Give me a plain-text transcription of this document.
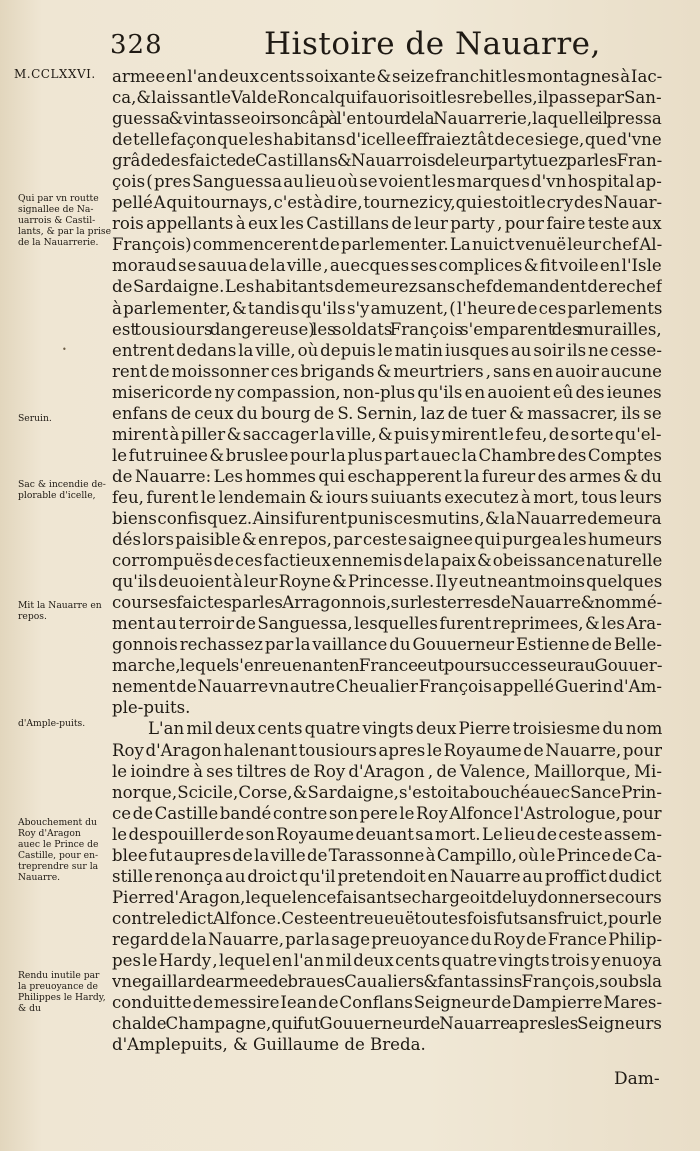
328	Histoire de Nauarre,
M.CCLXXVI.
Qui par vn routte
signallee de Na-
uarrois & Castil-
lants, & par la prise
de la Nauarrerie.
Seruin.
Sac & incendie de-
plorable d'icelle,
Mit la Nauarre en
repos.
d'Ample-puits.
Abouchement du
Roy d'Aragon
auec le Prince de
Castille, pour en-
treprendre sur la
Nauarre.
Rendu inutile par
la preuoyance de
Philippes le Hardy,
& du
•
armee en l'an deux cents soixante & seize franchit les montagnes à Iac-
ca, & laissant le Val de Roncal qui fauorisoit les rebelles,il passe par San-
guessa &vint asseoir son câp à l'entour de la Nauarrerie,laquelle il pressa
de telle façon que les habitans d'icelle effraiez tât de ce siege, que d'vne
grâde desfaicte de Castillans & Nauarrois de leur party tuez par les Fran-
çois ( pres Sanguessa au lieu où se voient les marques d'vn hospital ap-
pellé A qui tournays, c'est à dire, tournez icy,qui estoit le cry des Nauar-
rois appellants à eux les Castillans de leur party , pour faire teste aux
François) commencerent de parlementer. La nuict venuë leur chef Al-
moraud se sauua de la ville , auecques ses complices & fit voile en l'Isle
de Sardaigne. Les habitants demeurez sans chef demandent de rechef
à parlementer, & tandis qu'ils s'y amuzent, ( l'heure de ces parlements
est tousiours dangereuse) les soldats François s'emparent des murailles,
entrent dedans la ville, où depuis le matin iusques au soir ils ne cesse-
rent de moissonner ces brigands & meurtriers , sans en auoir aucune
misericorde ny compassion, non-plus qu'ils en auoient eû des ieunes
enfans de ceux du bourg de S. Sernin, laz de tuer & massacrer, ils se
mirent à piller & saccager la ville, & puis y mirent le feu, de sorte qu'el-
le fut ruinee & bruslee pour la plus part auec la Chambre des Comptes
de Nauarre: Les hommes qui eschapperent la fureur des armes & du
feu, furent le lendemain & iours suiuants executez à mort, tous leurs
biens confisquez. Ainsi furent punis ces mutins, & la Nauarre demeura
dés lors paisible & en repos, par ceste saignee qui purgea les humeurs
corrompuës de ces factieux ennemis de la paix & obeissance naturelle
qu'ils deuoient à leur Royne & Princesse. Il y eut neantmoins quelques
courses faictes par les Arragonnois, sur les terres de Nauarre & nommé-
ment au terroir de Sanguessa, lesquelles furent reprimees, & les Ara-
gonnois rechassez par la vaillance du Gouuerneur Estienne de Belle-
marche, lequel s'en reuenant en France eut pour successeur au Gouuer-
nement de Nauarre vn autre Cheualier François appellé Guerin d'Am-
ple-puits.
L'an mil deux cents quatre vingts deux Pierre troisiesme du nom
Roy d'Aragon halenant tousiours apres le Royaume de Nauarre, pour
le ioindre à ses tiltres de Roy d'Aragon , de Valence, Maillorque, Mi-
norque , Scicile , Corse, & Sardaigne, s'estoit abouché auec Sance Prin-
ce de Castille bandé contre son pere le Roy Alfonce l'Astrologue, pour
le despouiller de son Royaume deuant sa mort. Le lieu de ceste assem-
blee fut aupres de la ville de Tarassonne à Campillo, où le Prince de Ca-
stille renonça au droict qu'il pretendoit en Nauarre au proffict dudict
Pierre d'Aragon, lequel en ce faisant se chargeoit de luy donner secours
contre ledict Alfonce.Ceste entreueuë toutesfois fut sans fruict, pour le
regard de la Nauarre, par la sage preuoyance du Roy de France Philip-
pes le Hardy , lequel en l'an mil deux cents quatre vingts trois y enuoya
vne gaillarde armee de braues Caualiers & fantassins François, soubs la
conduitte de messire Iean de Conflans Seigneur de Dampierre Mares-
chal de Champagne,qui fut Gouuerneur de Nauarre apres les Seigneurs
d'Amplepuits, & Guillaume de Breda.
Dam-
